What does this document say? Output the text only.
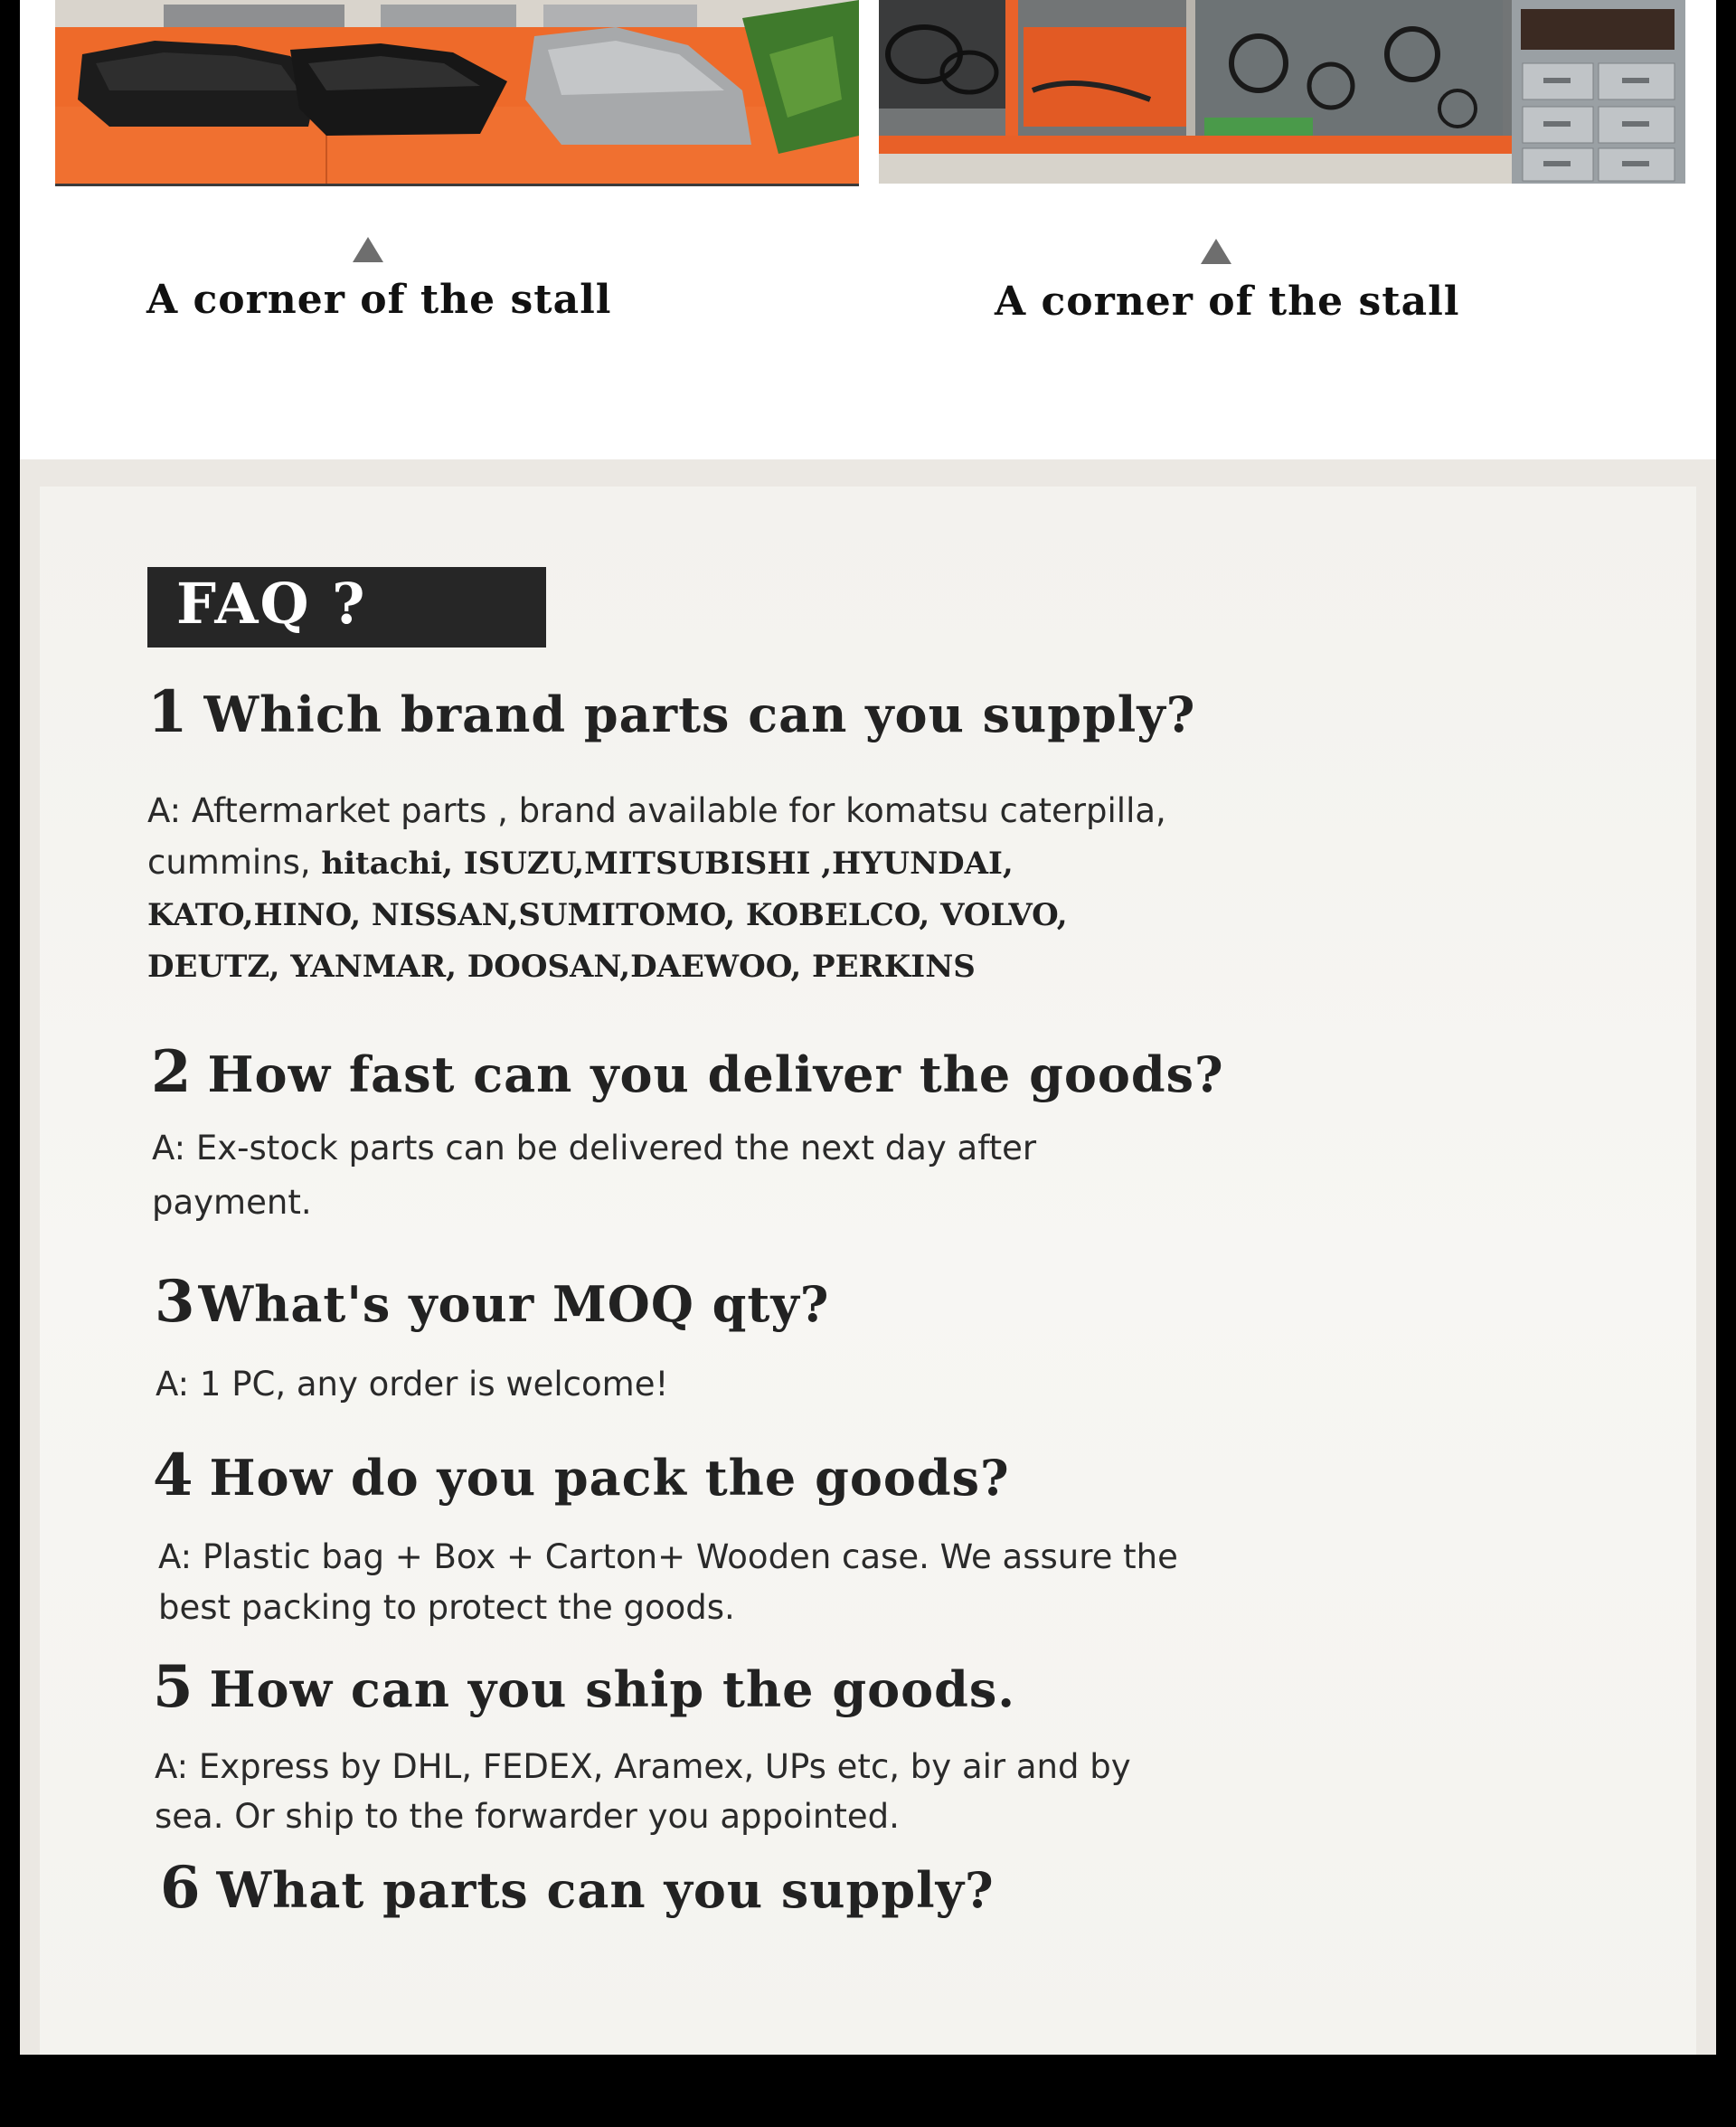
A corner of the stall	A corner of the stall
FAQ ?
1 Which brand parts can you supply?
A: Aftermarket parts , brand available for komatsu caterpilla,
cummins, hitachi, ISUZU,MITSUBISHI ,HYUNDAI,
KATO,HINO, NISSAN,SUMITOMO, KOBELCO, VOLVO,
DEUTZ, YANMAR, DOOSAN,DAEWOO, PERKINS
2 How fast can you deliver the goods?
A: Ex-stock parts can be delivered the next day after
payment.
3What's your MOQ qty?
A: 1 PC, any order is welcome!
4 How do you pack the goods?
A: Plastic bag + Box + Carton+ Wooden case. We assure the
best packing to protect the goods.
5 How can you ship the goods.
A: Express by DHL, FEDEX, Aramex, UPs etc, by air and by
sea. Or ship to the forwarder you appointed.
6 What parts can you supply?
